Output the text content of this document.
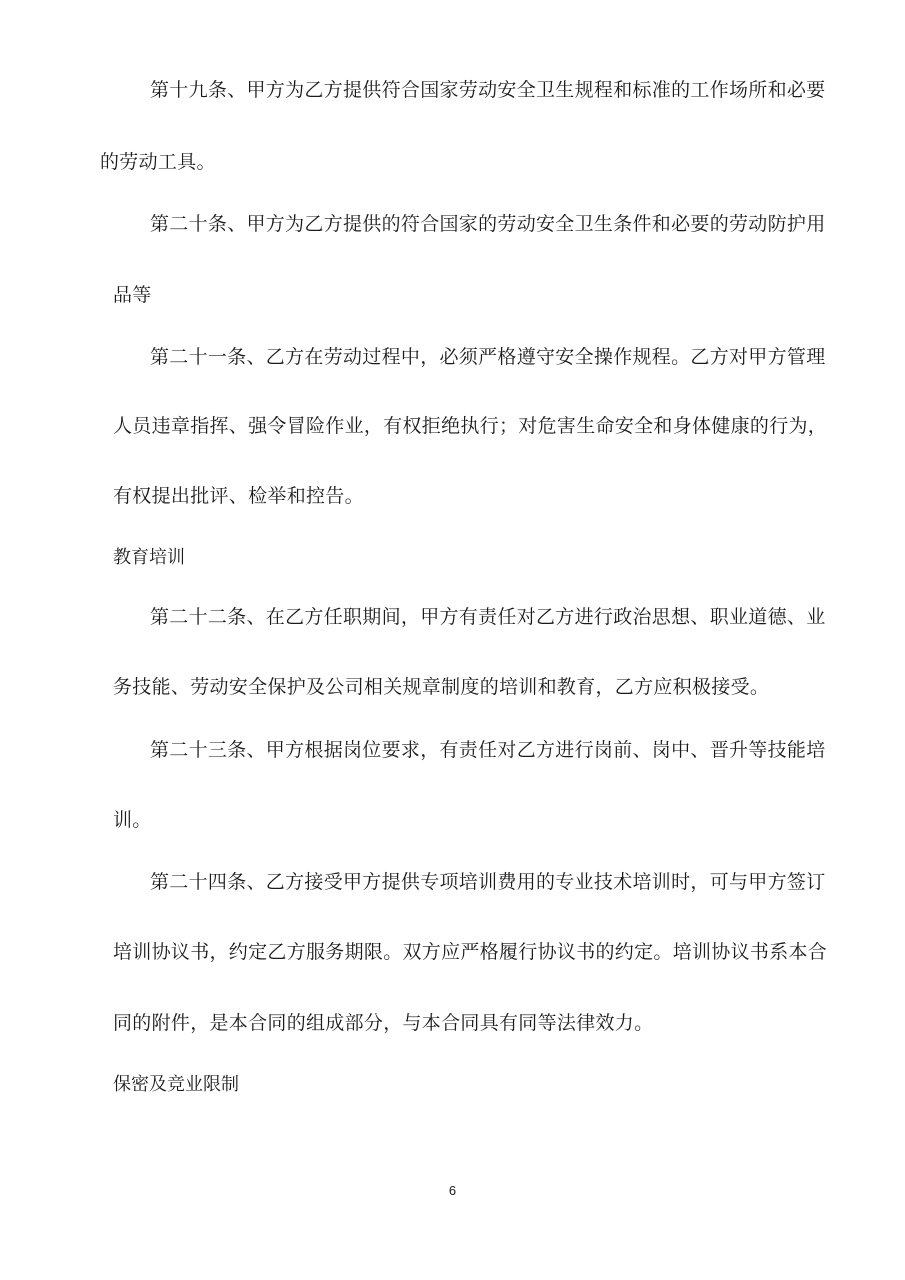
第十九条、甲方为乙方提供符合国家劳动安全卫生规程和标准的工作场所和必要
的劳动工具。
第二十条、甲方为乙方提供的符合国家的劳动安全卫生条件和必要的劳动防护用
品等
第二十一条、乙方在劳动过程中，必须严格遵守安全操作规程。乙方对甲方管理
人员违章指挥、强令冒险作业，有权拒绝执行；对危害生命安全和身体健康的行为，
有权提出批评、检举和控告。
教育培训
第二十二条、在乙方任职期间，甲方有责任对乙方进行政治思想、职业道德、业
务技能、劳动安全保护及公司相关规章制度的培训和教育，乙方应积极接受。
第二十三条、甲方根据岗位要求，有责任对乙方进行岗前、岗中、晋升等技能培
训。
第二十四条、乙方接受甲方提供专项培训费用的专业技术培训时，可与甲方签订
培训协议书，约定乙方服务期限。双方应严格履行协议书的约定。培训协议书系本合
同的附件，是本合同的组成部分，与本合同具有同等法律效力。
保密及竞业限制
6
